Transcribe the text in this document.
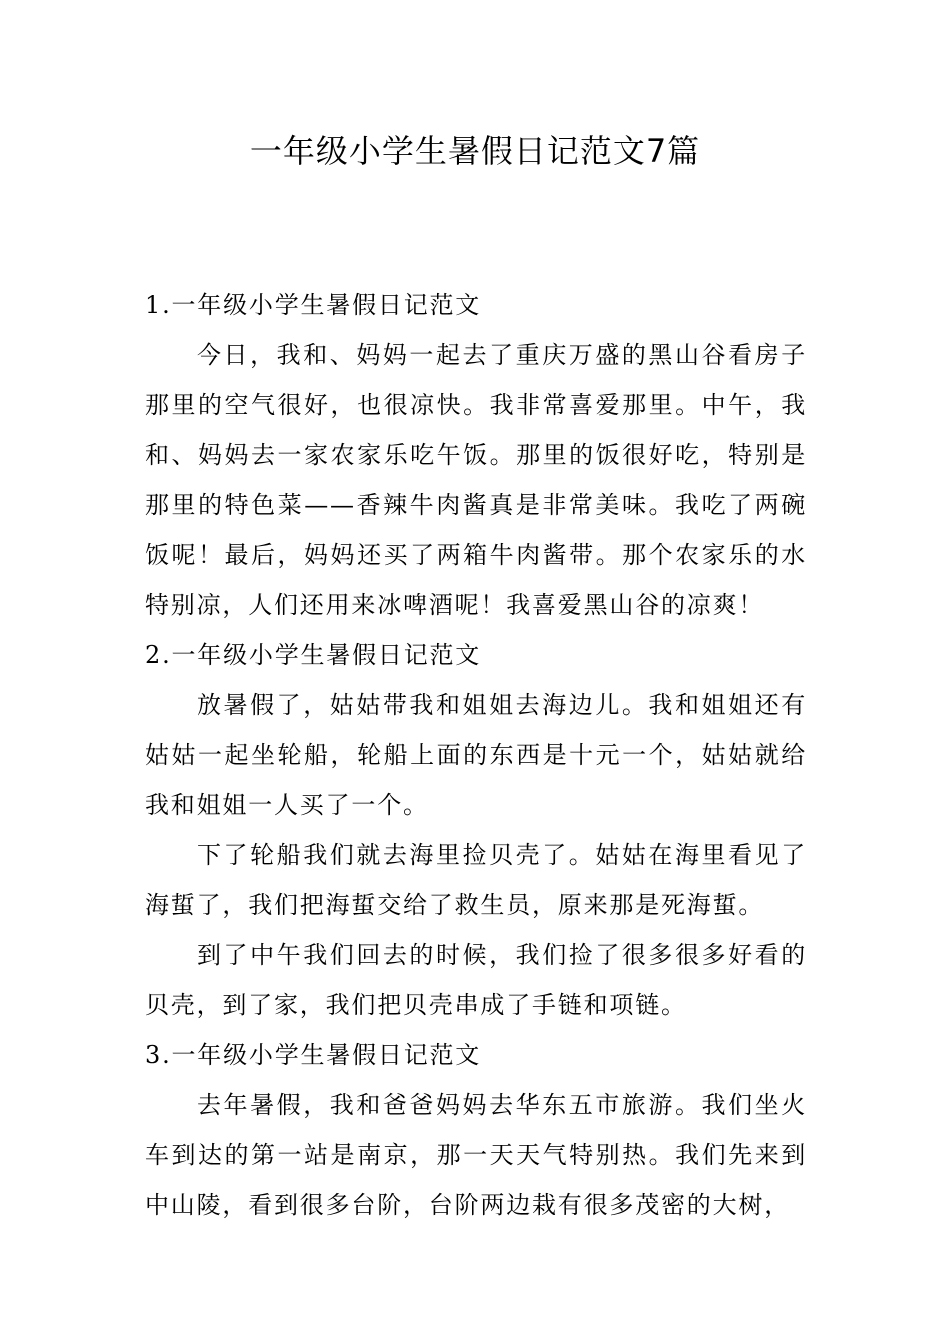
一年级小学生暑假日记范文7篇
1.一年级小学生暑假日记范文

今日，我和、妈妈一起去了重庆万盛的黑山谷看房子那里的空气很好，也很凉快。我非常喜爱那里。中午，我和、妈妈去一家农家乐吃午饭。那里的饭很好吃，特别是那里的特色菜——香辣牛肉酱真是非常美味。我吃了两碗饭呢！最后，妈妈还买了两箱牛肉酱带。那个农家乐的水特别凉，人们还用来冰啤酒呢！我喜爱黑山谷的凉爽！

2.一年级小学生暑假日记范文

放暑假了，姑姑带我和姐姐去海边儿。我和姐姐还有姑姑一起坐轮船，轮船上面的东西是十元一个，姑姑就给我和姐姐一人买了一个。

下了轮船我们就去海里捡贝壳了。姑姑在海里看见了海蜇了，我们把海蜇交给了救生员，原来那是死海蜇。

到了中午我们回去的时候，我们捡了很多很多好看的贝壳，到了家，我们把贝壳串成了手链和项链。

3.一年级小学生暑假日记范文

去年暑假，我和爸爸妈妈去华东五市旅游。我们坐火车到达的第一站是南京，那一天天气特别热。我们先来到中山陵，看到很多台阶，台阶两边栽有很多茂密的大树，
